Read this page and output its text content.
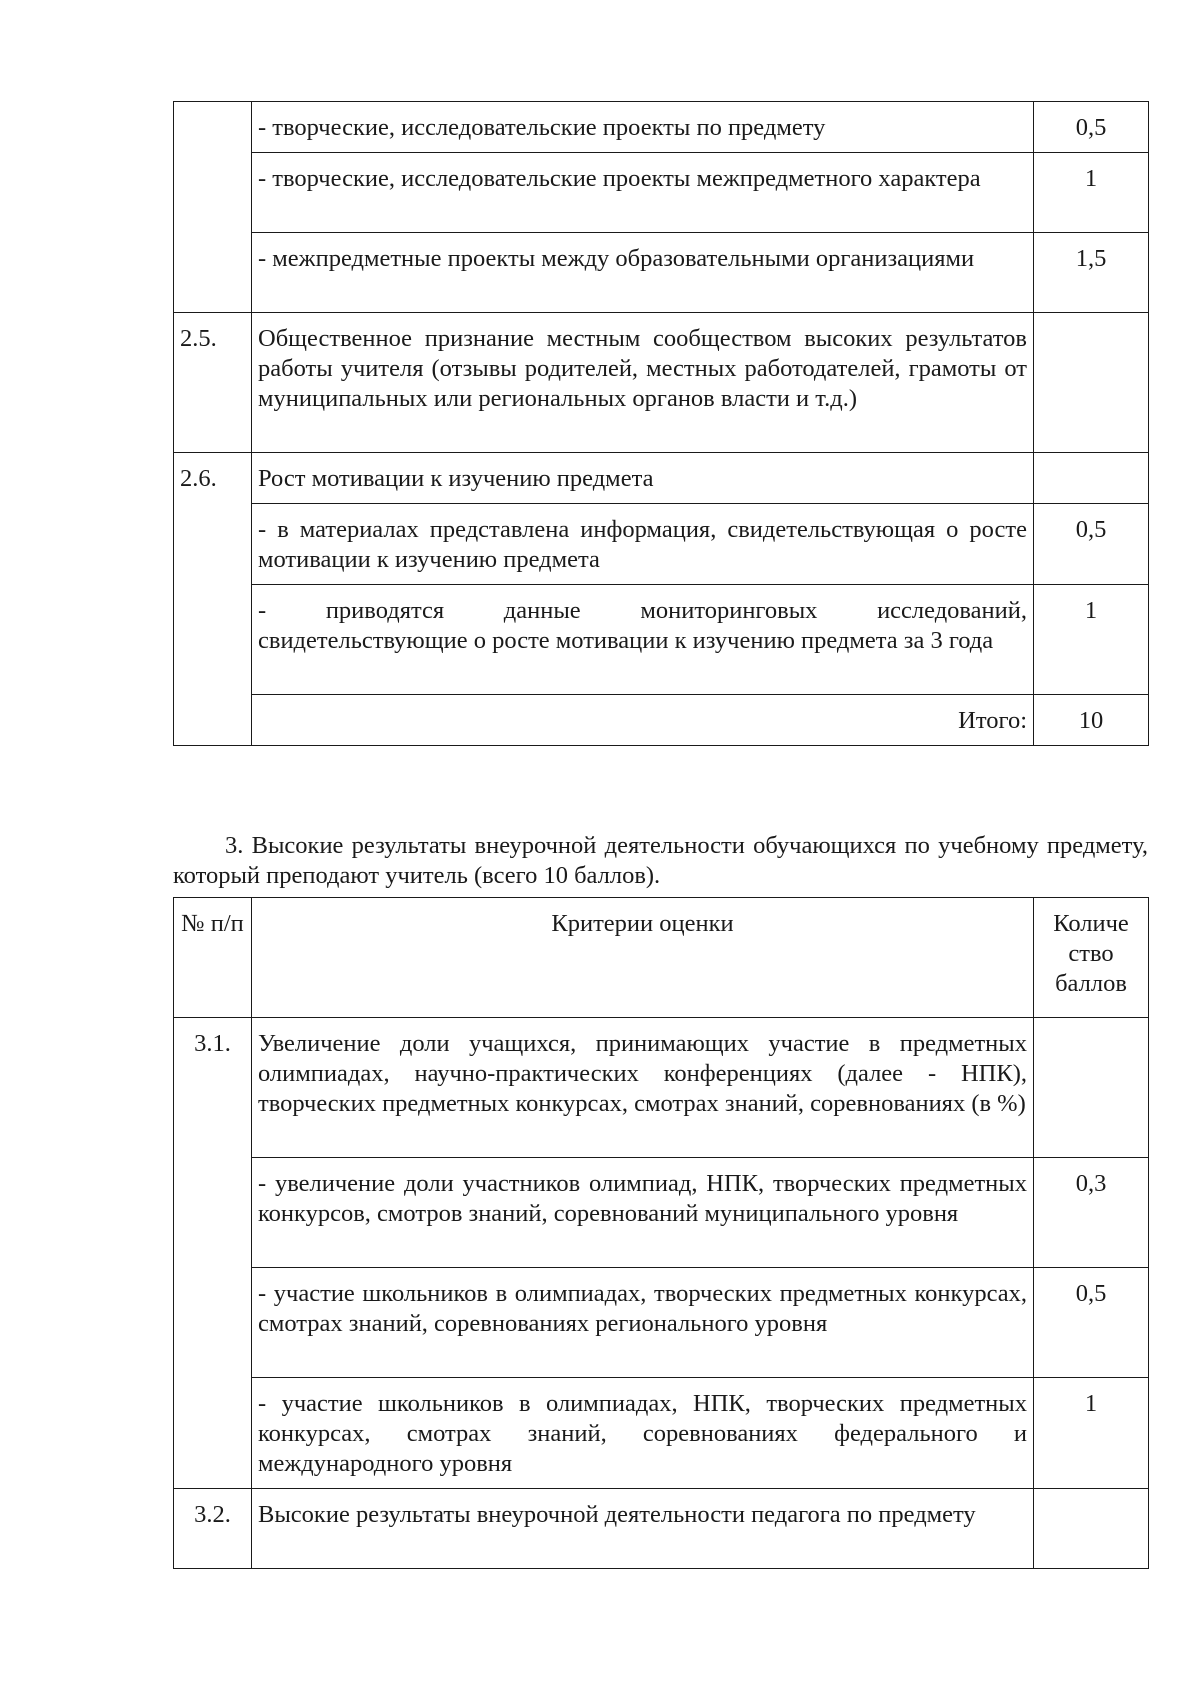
	- творческие, исследовательские проекты по предмету	0,5
	- творческие, исследовательские проекты межпредметного характера	1
	- межпредметные проекты между образовательными организациями	1,5
2.5.	Общественное признание местным сообществом высоких результатов работы учителя (отзывы родителей, местных работодателей, грамоты от муниципальных или региональных органов власти и т.д.)	
2.6.	Рост мотивации к изучению предмета	
	- в материалах представлена информация, свидетельствующая о росте мотивации к изучению предмета	0,5
	- приводятся данные мониторинговых исследований, свидетельствующие о росте мотивации к изучению предмета за 3 года	1
	Итого:	10

3. Высокие результаты внеурочной деятельности обучающихся по учебному предмету, который преподают учитель (всего 10 баллов).

№ п/п	Критерии оценки	Количе ство баллов
3.1.	Увеличение доли учащихся, принимающих участие в предметных олимпиадах, научно-практических конференциях (далее - НПК), творческих предметных конкурсах, смотрах знаний, соревнованиях (в %)	
	- увеличение доли участников олимпиад, НПК, творческих предметных конкурсов, смотров знаний, соревнований муниципального уровня	0,3
	- участие школьников в олимпиадах, творческих предметных конкурсах, смотрах знаний, соревнованиях регионального уровня	0,5
	- участие школьников в олимпиадах, НПК, творческих предметных конкурсах, смотрах знаний, соревнованиях федерального и международного уровня	1
3.2.	Высокие результаты внеурочной деятельности педагога по предмету	
